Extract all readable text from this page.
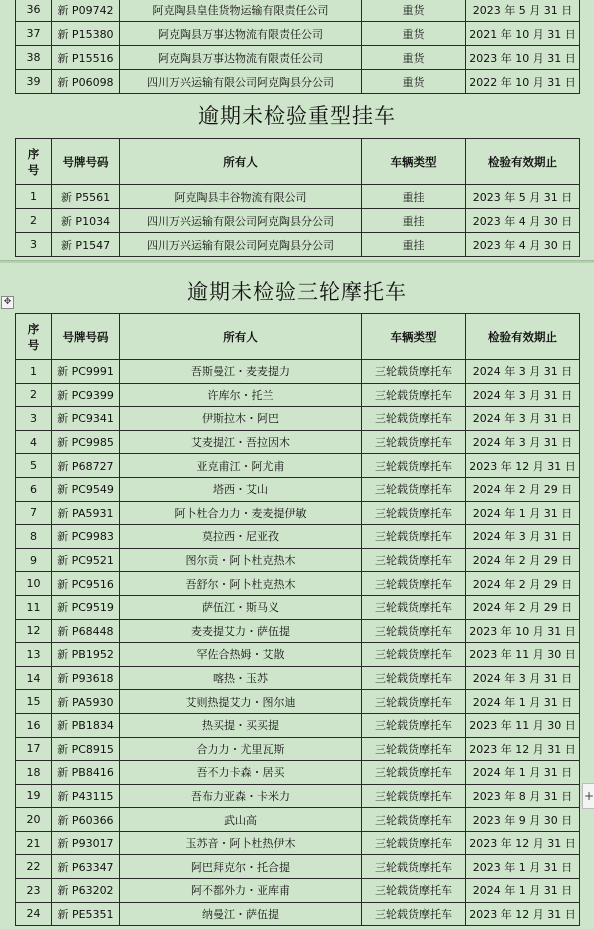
36	新 P09742	阿克陶县皇佳货物运输有限责任公司	重货	2023 年 5 月 31 日
37	新 P15380	阿克陶县万事达物流有限责任公司	重货	2021 年 10 月 31 日
38	新 P15516	阿克陶县万事达物流有限责任公司	重货	2023 年 10 月 31 日
39	新 P06098	四川万兴运输有限公司阿克陶县分公司	重货	2022 年 10 月 31 日
逾期未检验重型挂车
序号	号牌号码	所有人	车辆类型	检验有效期止
1	新 P5561	阿克陶县丰谷物流有限公司	重挂	2023 年 5 月 31 日
2	新 P1034	四川万兴运输有限公司阿克陶县分公司	重挂	2023 年 4 月 30 日
3	新 P1547	四川万兴运输有限公司阿克陶县分公司	重挂	2023 年 4 月 30 日
逾期未检验三轮摩托车
✥
序号	号牌号码	所有人	车辆类型	检验有效期止
1	新 PC9991	吾斯曼江・麦麦提力	三轮载货摩托车	2024 年 3 月 31 日
2	新 PC9399	许库尔・托兰	三轮载货摩托车	2024 年 3 月 31 日
3	新 PC9341	伊斯拉木・阿巴	三轮载货摩托车	2024 年 3 月 31 日
4	新 PC9985	艾麦提江・吾拉因木	三轮载货摩托车	2024 年 3 月 31 日
5	新 P68727	亚克甫江・阿尤甫	三轮载货摩托车	2023 年 12 月 31 日
6	新 PC9549	塔西・艾山	三轮载货摩托车	2024 年 2 月 29 日
7	新 PA5931	阿卜杜合力力・麦麦提伊敏	三轮载货摩托车	2024 年 1 月 31 日
8	新 PC9983	莫拉西・尼亚孜	三轮载货摩托车	2024 年 3 月 31 日
9	新 PC9521	图尔贡・阿卜杜克热木	三轮载货摩托车	2024 年 2 月 29 日
10	新 PC9516	吾舒尔・阿卜杜克热木	三轮载货摩托车	2024 年 2 月 29 日
11	新 PC9519	萨伍江・斯马义	三轮载货摩托车	2024 年 2 月 29 日
12	新 P68448	麦麦提艾力・萨伍提	三轮载货摩托车	2023 年 10 月 31 日
13	新 PB1952	罕佐合热姆・艾散	三轮载货摩托车	2023 年 11 月 30 日
14	新 P93618	喀热・玉苏	三轮载货摩托车	2024 年 3 月 31 日
15	新 PA5930	艾则热提艾力・图尔迪	三轮载货摩托车	2024 年 1 月 31 日
16	新 PB1834	热买提・买买提	三轮载货摩托车	2023 年 11 月 30 日
17	新 PC8915	合力力・尤里瓦斯	三轮载货摩托车	2023 年 12 月 31 日
18	新 PB8416	吾不力卡森・居买	三轮载货摩托车	2024 年 1 月 31 日
19	新 P43115	吾布力亚森・卡米力	三轮载货摩托车	2023 年 8 月 31 日
20	新 P60366	武山高	三轮载货摩托车	2023 年 9 月 30 日
21	新 P93017	玉苏音・阿卜杜热伊木	三轮载货摩托车	2023 年 12 月 31 日
22	新 P63347	阿巴拜克尔・托合提	三轮载货摩托车	2023 年 1 月 31 日
23	新 P63202	阿不都外力・亚库甫	三轮载货摩托车	2024 年 1 月 31 日
24	新 PE5351	纳曼江・萨伍提	三轮载货摩托车	2023 年 12 月 31 日
+
